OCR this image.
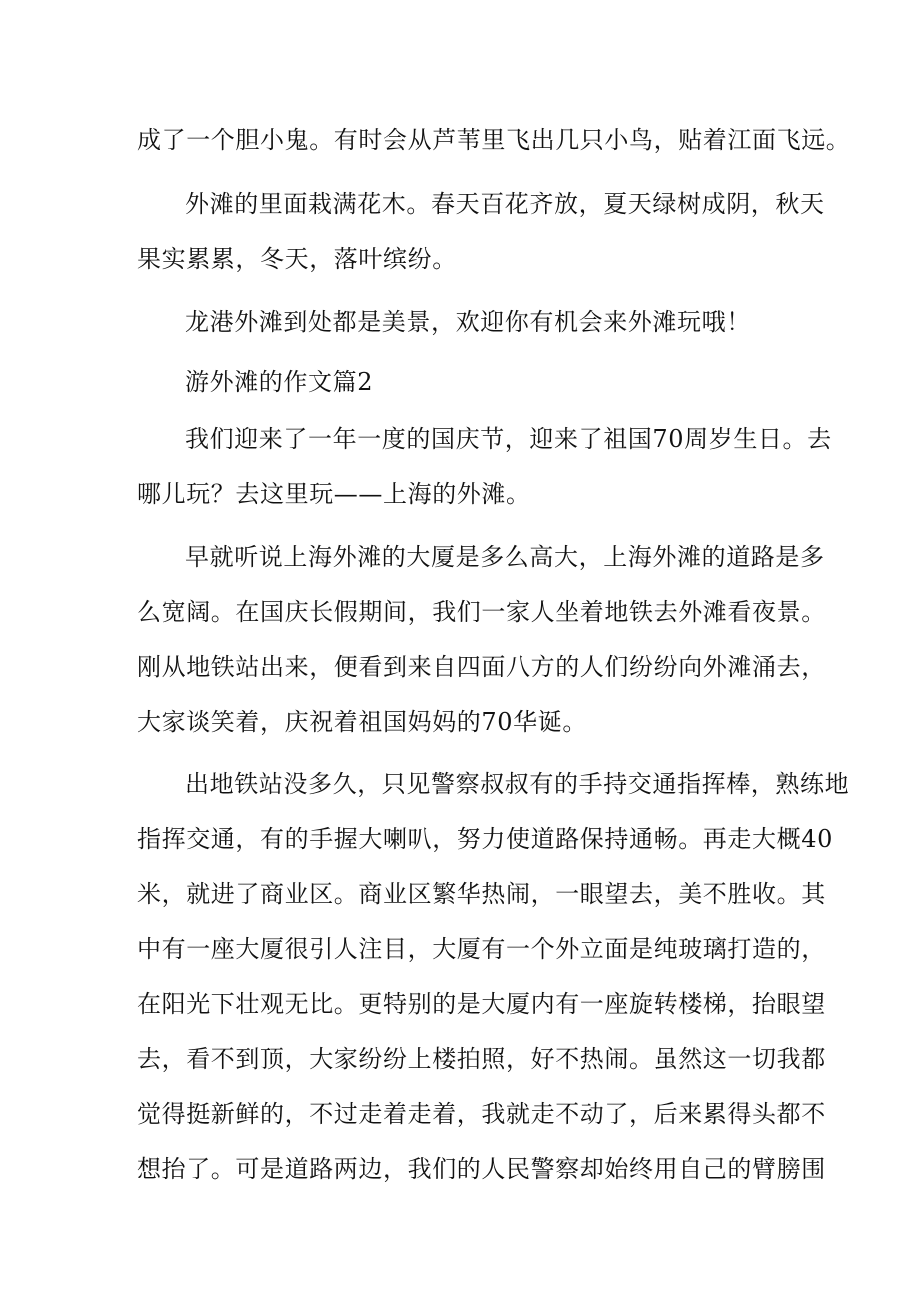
成了一个胆小鬼。有时会从芦苇里飞出几只小鸟，贴着江面飞远。

外滩的里面栽满花木。春天百花齐放，夏天绿树成阴，秋天
果实累累，冬天，落叶缤纷。

龙港外滩到处都是美景，欢迎你有机会来外滩玩哦！

游外滩的作文篇2

我们迎来了一年一度的国庆节，迎来了祖国70周岁生日。去
哪儿玩？去这里玩——上海的外滩。

早就听说上海外滩的大厦是多么高大，上海外滩的道路是多
么宽阔。在国庆长假期间，我们一家人坐着地铁去外滩看夜景。
刚从地铁站出来，便看到来自四面八方的人们纷纷向外滩涌去，
大家谈笑着，庆祝着祖国妈妈的70华诞。

出地铁站没多久，只见警察叔叔有的手持交通指挥棒，熟练地
指挥交通，有的手握大喇叭，努力使道路保持通畅。再走大概40
米，就进了商业区。商业区繁华热闹，一眼望去，美不胜收。其
中有一座大厦很引人注目，大厦有一个外立面是纯玻璃打造的，
在阳光下壮观无比。更特别的是大厦内有一座旋转楼梯，抬眼望
去，看不到顶，大家纷纷上楼拍照，好不热闹。虽然这一切我都
觉得挺新鲜的，不过走着走着，我就走不动了，后来累得头都不
想抬了。可是道路两边，我们的人民警察却始终用自己的臂膀围
